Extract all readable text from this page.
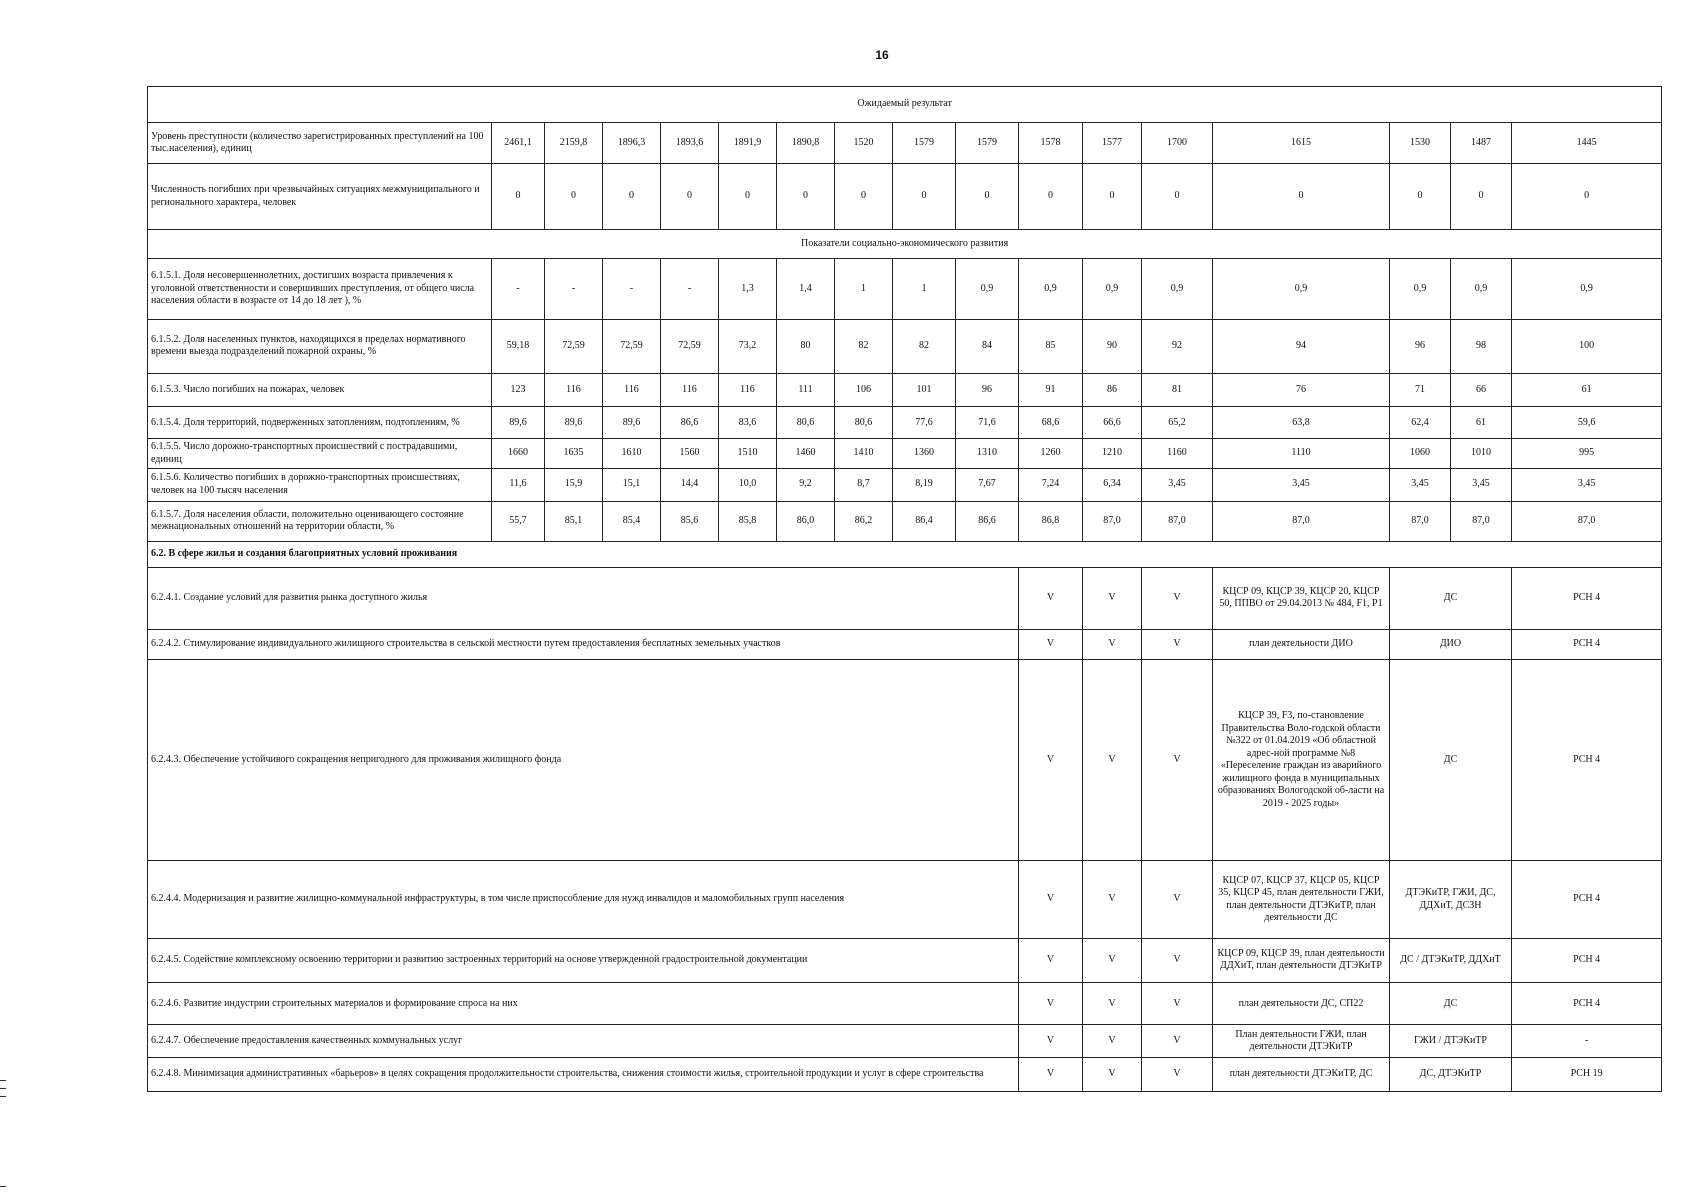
16
Ожидаемый результат																	
Уровень преступности (количество зарегистрированных преступлений на 100 тыс.населения), единиц	2461,1	2159,8	1896,3	1893,6	1891,9	1890,8	1520	1579	1579	1578	1577	1700	1615	1530	1487	1445	
Численность погибших при чрезвычайных ситуациях межмуниципального и регионального характера, человек	0	0	0	0	0	0	0	0	0	0	0	0	0	0	0	0	
Показатели социально-экономического развития																	
6.1.5.1. Доля несовершеннолетних, достигших возраста привлечения к уголовной ответственности и совершивших преступления, от общего числа населения области в возрасте от 14 до 18 лет ), %	-	-	-	-	1,3	1,4	1	1	0,9	0,9	0,9	0,9	0,9	0,9	0,9	0,9	
6.1.5.2. Доля населенных пунктов, находящихся в пределах нормативного времени выезда подразделений пожарной охраны, %	59,18	72,59	72,59	72,59	73,2	80	82	82	84	85	90	92	94	96	98	100	
6.1.5.3. Число погибших на пожарах, человек	123	116	116	116	116	111	106	101	96	91	86	81	76	71	66	61	
6.1.5.4. Доля территорий, подверженных затоплениям, подтоплениям, %	89,6	89,6	89,6	86,6	83,6	80,6	80,6	77,6	71,6	68,6	66,6	65,2	63,8	62,4	61	59,6	
6.1.5.5. Число дорожно-транспортных происшествий с пострадавшими, единиц	1660	1635	1610	1560	1510	1460	1410	1360	1310	1260	1210	1160	1110	1060	1010	995	
6.1.5.6. Количество погибших в дорожно-транспортных происшествиях, человек на 100 тысяч населения	11,6	15,9	15,1	14,4	10,0	9,2	8,7	8,19	7,67	7,24	6,34	3,45	3,45	3,45	3,45	3,45	
6.1.5.7. Доля населения области, положительно оценивающего состояние межнациональных отношений на территории области, %	55,7	85,1	85,4	85,6	85,8	86,0	86,2	86,4	86,6	86,8	87,0	87,0	87,0	87,0	87,0	87,0	
6.2. В сфере жилья и создания благоприятных условий проживания																	
6.2.4.1. Создание условий для развития рынка доступного жилья										V	V	V	КЦСР 09, КЦСР 39, КЦСР 20, КЦСР 50, ППВО от 29.04.2013 № 484, F1, P1	ДС		РСН 4	
6.2.4.2. Стимулирование индивидуального жилищного строительства в сельской местности путем предоставления бесплатных земельных участков										V	V	V	план деятельности ДИО	ДИО		РСН 4	
6.2.4.3. Обеспечение устойчивого сокращения непригодного для проживания жилищного фонда										V	V	V	КЦСР 39, F3, по-становление Правительства Воло-годской области №322 от 01.04.2019 «Об областной адрес-ной программе №8 «Переселение граждан из аварийного жилищного фонда в муниципальных образованиях Вологодской об-ласти на 2019 - 2025 годы»	ДС		РСН 4	
6.2.4.4. Модернизация и развитие жилищно-коммунальной инфраструктуры, в том числе приспособление для нужд инвалидов и маломобильных групп населения										V	V	V	КЦСР 07, КЦСР 37, КЦСР 05, КЦСР 35, КЦСР 45, план деятельности ГЖИ, план деятельности ДТЭКиТР, план деятельности ДС	ДТЭКиТР, ГЖИ, ДС, ДДХиТ, ДСЗН		РСН 4	
6.2.4.5. Содействие комплексному освоению территории и развитию застроенных территорий на основе утвержденной градостроительной документации										V	V	V	КЦСР 09, КЦСР 39, план деятельности ДДХиТ, план деятельности ДТЭКиТР	ДС / ДТЭКиТР, ДДХиТ		РСН 4	
6.2.4.6. Развитие индустрии строительных материалов и формирование спроса на них										V	V	V	план деятельности ДС, СП22	ДС		РСН 4	
6.2.4.7. Обеспечение предоставления качественных коммунальных услуг										V	V	V	План деятельности ГЖИ, план деятельности ДТЭКиТР	ГЖИ / ДТЭКиТР		-	
6.2.4.8. Минимизация административных «барьеров» в целях сокращения продолжительности строительства, снижения стоимости жилья, строительной продукции и услуг в сфере строительства										V	V	V	план деятельности ДТЭКиТР, ДС	ДС, ДТЭКиТР		РСН 19	
